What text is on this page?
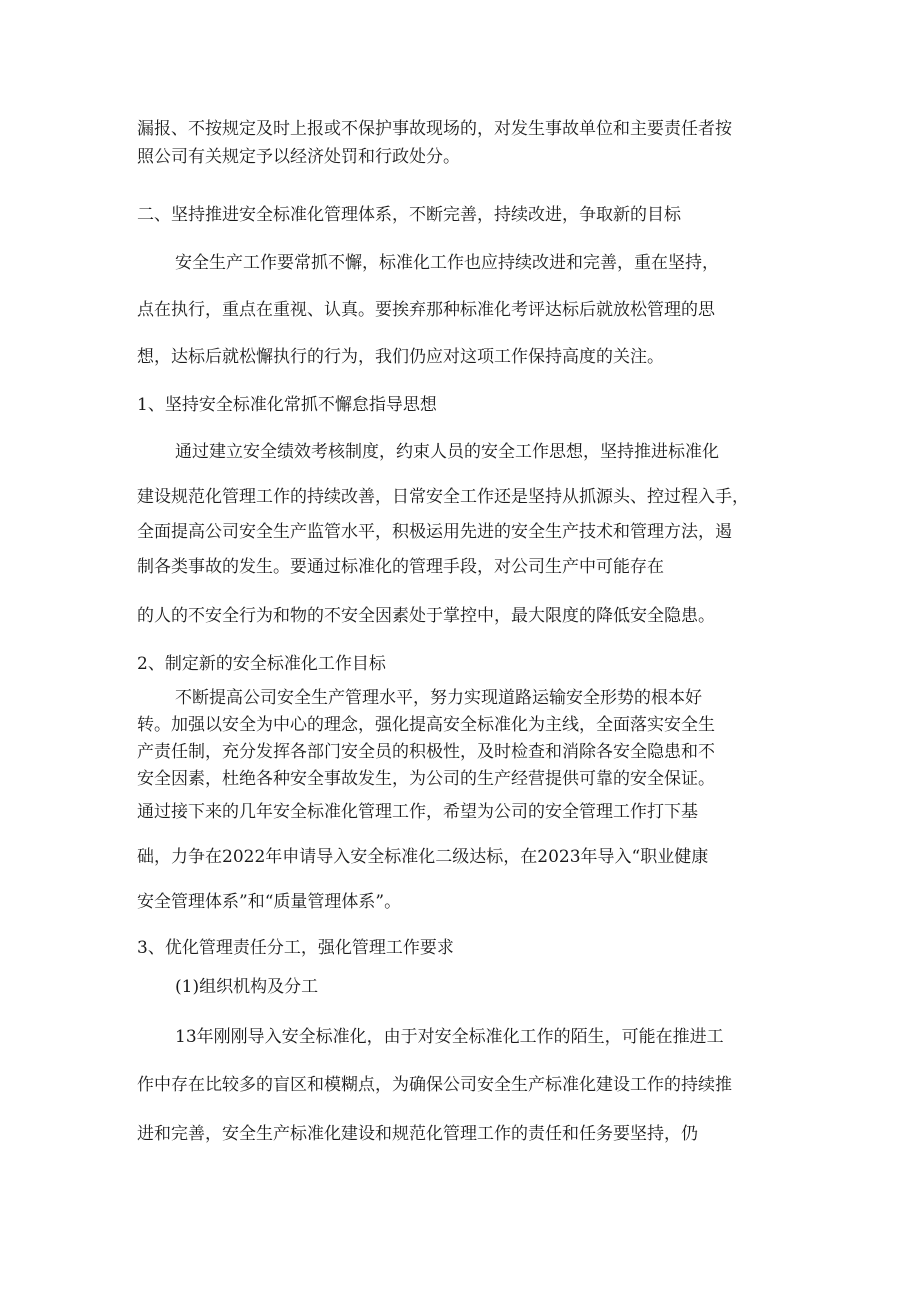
漏报、不按规定及时上报或不保护事故现场的，对发生事故单位和主要责任者按

照公司有关规定予以经济处罚和行政处分。

二、坚持推进安全标准化管理体系，不断完善，持续改进，争取新的目标

安全生产工作要常抓不懈，标准化工作也应持续改进和完善，重在坚持，

点在执行，重点在重视、认真。要挨弃那种标准化考评达标后就放松管理的思

想，达标后就松懈执行的行为，我们仍应对这项工作保持高度的关注。

1、坚持安全标准化常抓不懈怠指导思想

通过建立安全绩效考核制度，约束人员的安全工作思想，坚持推进标准化

建设规范化管理工作的持续改善，日常安全工作还是坚持从抓源头、控过程入手，

全面提高公司安全生产监管水平，积极运用先进的安全生产技术和管理方法，遏

制各类事故的发生。要通过标准化的管理手段，对公司生产中可能存在

的人的不安全行为和物的不安全因素处于掌控中，最大限度的降低安全隐患。

2、制定新的安全标准化工作目标

不断提高公司安全生产管理水平，努力实现道路运输安全形势的根本好

转。加强以安全为中心的理念，强化提高安全标准化为主线，全面落实安全生

产责任制，充分发挥各部门安全员的积极性，及时检查和消除各安全隐患和不

安全因素，杜绝各种安全事故发生，为公司的生产经营提供可靠的安全保证。

通过接下来的几年安全标准化管理工作，希望为公司的安全管理工作打下基

础，力争在2022年申请导入安全标准化二级达标，在2023年导入“职业健康

安全管理体系”和“质量管理体系”。

3、优化管理责任分工，强化管理工作要求

(1)组织机构及分工

13年刚刚导入安全标准化，由于对安全标准化工作的陌生，可能在推进工

作中存在比较多的盲区和模糊点，为确保公司安全生产标准化建设工作的持续推

进和完善，安全生产标准化建设和规范化管理工作的责任和任务要坚持，仍
